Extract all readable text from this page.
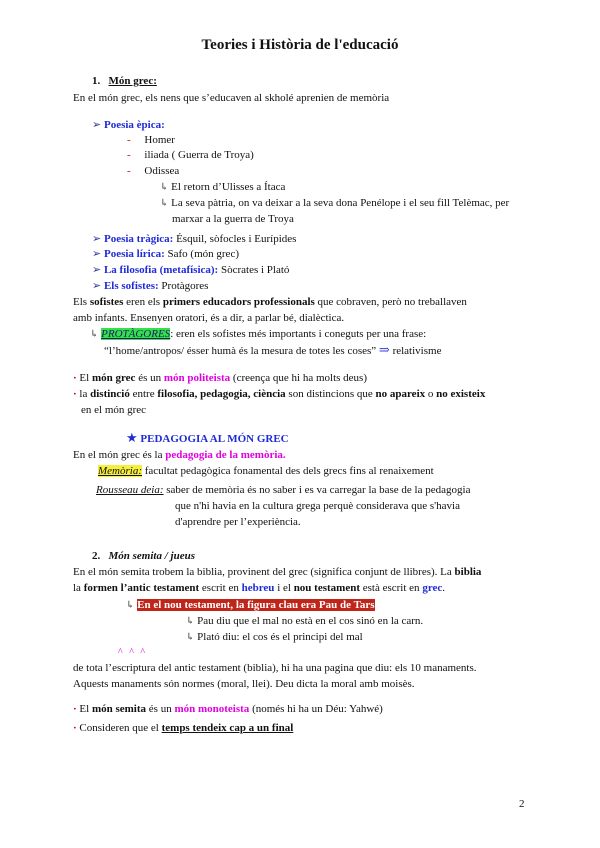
Teories i Història de l'educació
1. Món grec:
En el món grec, els nens que s’educaven al skholé aprenien de memòria
➢ Poesia èpica:
- Homer
- iliada ( Guerra de Troya)
- Odissea
↳ El retorn d’Ulisses a Ítaca
↳ La seva pàtria, on va deixar a la seva dona Penélope i el seu fill Telèmac, per
marxar a la guerra de Troya
➢ Poesia tràgica: Ésquil, sòfocles i Eurípides
➢ Poesia lírica: Safo (món grec)
➢ La filosofia (metafísica): Sòcrates i Plató
➢ Els sofistes: Protàgores
Els sofistes eren els primers educadors professionals que cobraven, però no treballaven
amb infants. Ensenyen oratori, és a dir, a parlar bé, dialèctica.
↳ PROTÀGORES: eren els sofistes més importants i coneguts per una frase:
“l’home/antropos/ ésser humà és la mesura de totes les coses” ⇒ relativisme
· El món grec és un món politeista (creença que hi ha molts deus)
· la distinció entre filosofia, pedagogia, ciència son distincions que no apareix o no existeix
en el món grec
★ PEDAGOGIA AL MÓN GREC
En el món grec és la pedagogia de la memòria.
Memòria: facultat pedagògica fonamental des dels grecs fins al renaixement
Rousseau deia: saber de memòria és no saber i es va carregar la base de la pedagogia
que n'hi havia en la cultura grega perquè considerava que s'havia
d'aprendre per l’experiència.
2. Món semita / jueus
En el món semita trobem la biblia, provinent del grec (significa conjunt de llibres). La biblia
la formen l’antic testament escrit en hebreu i el nou testament està escrit en grec.
↳ En el nou testament, la figura clau era Pau de Tars
↳ Pau diu que el mal no està en el cos sinó en la carn.
↳ Plató diu: el cos és el principi del mal
^ ^ ^
de tota l’escriptura del antic testament (biblia), hi ha una pagina que diu: els 10 manaments.
Aquests manaments són normes (moral, llei). Deu dicta la moral amb moisès.
· El món semita és un món monoteista (només hi ha un Déu: Yahwé)
· Consideren que el temps tendeix cap a un final
2
